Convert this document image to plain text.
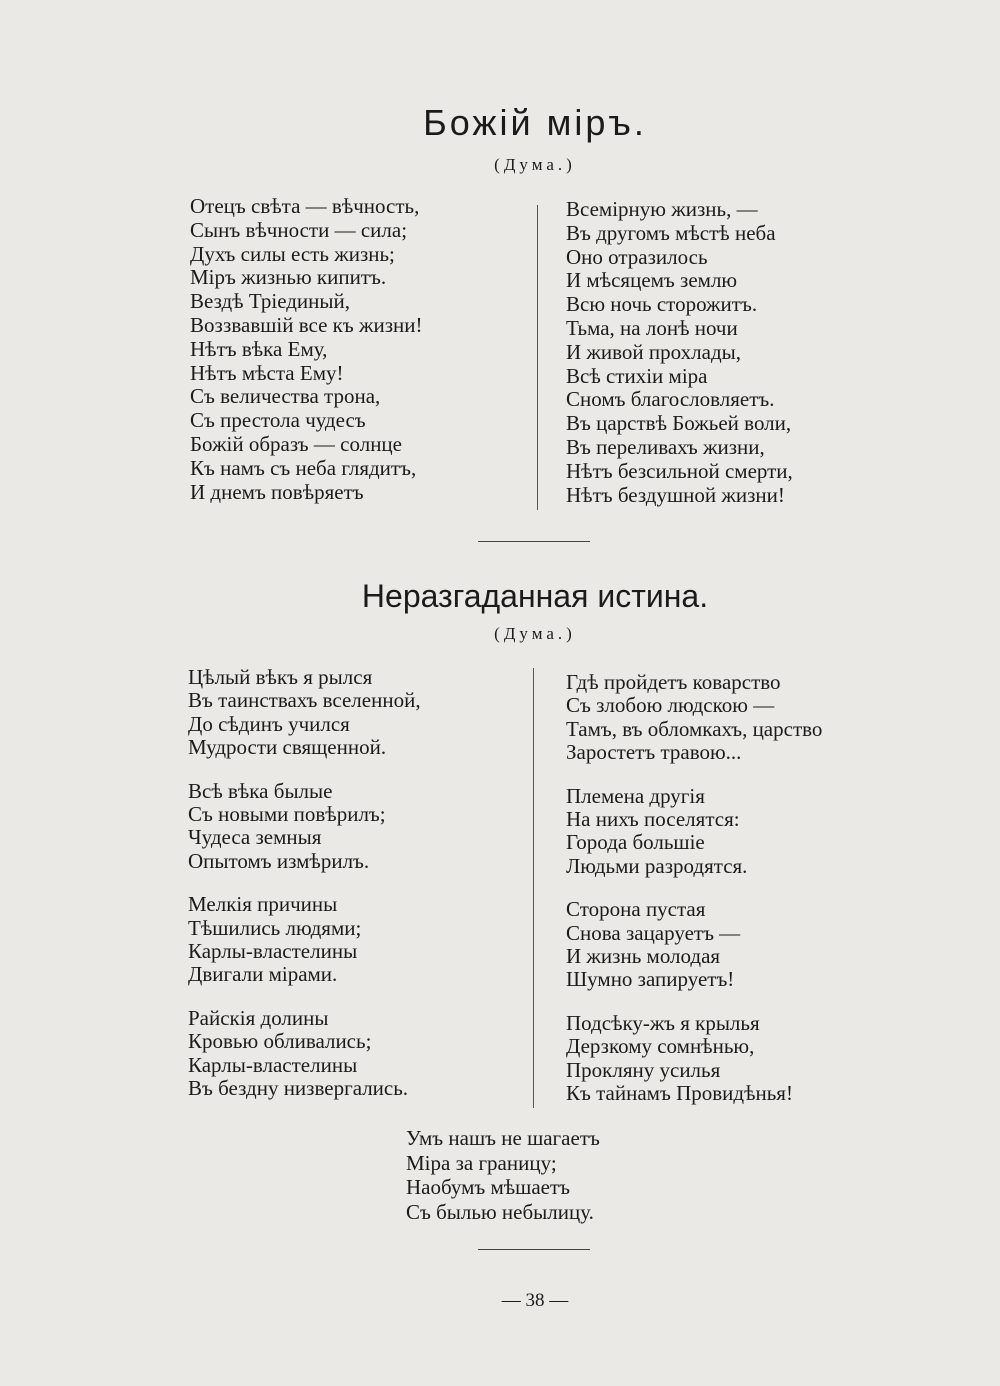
Божій міръ.
(Дума.)
Отецъ свѣта — вѣчность,
Сынъ вѣчности — сила;
Духъ силы есть жизнь;
Міръ жизнью кипитъ.
Вездѣ Тріединый,
Воззвавшій все къ жизни!
Нѣтъ вѣка Ему,
Нѣтъ мѣста Ему!
Съ величества трона,
Съ престола чудесъ
Божій образъ — солнце
Къ намъ съ неба глядитъ,
И днемъ повѣряетъ
Всемірную жизнь, —
Въ другомъ мѣстѣ неба
Оно отразилось
И мѣсяцемъ землю
Всю ночь сторожитъ.
Тьма, на лонѣ ночи
И живой прохлады,
Всѣ стихіи міра
Сномъ благословляетъ.
Въ царствѣ Божьей воли,
Въ переливахъ жизни,
Нѣтъ безсильной смерти,
Нѣтъ бездушной жизни!
Неразгаданная истина.
(Дума.)
Цѣлый вѣкъ я рылся
Въ таинствахъ вселенной,
До сѣдинъ учился
Мудрости священной.
Всѣ вѣка былые
Съ новыми повѣрилъ;
Чудеса земныя
Опытомъ измѣрилъ.
Мелкія причины
Тѣшились людями;
Карлы-властелины
Двигали мірами.
Райскія долины
Кровью обливались;
Карлы-властелины
Въ бездну низвергались.
Гдѣ пройдетъ коварство
Съ злобою людскою —
Тамъ, въ обломкахъ, царство
Заростетъ травою...
Племена другія
На нихъ поселятся:
Города большіе
Людьми разродятся.
Сторона пустая
Снова зацаруетъ —
И жизнь молодая
Шумно запируетъ!
Подсѣку-жъ я крылья
Дерзкому сомнѣнью,
Прокляну усилья
Къ тайнамъ Провидѣнья!
Умъ нашъ не шагаетъ
Міра за границу;
Наобумъ мѣшаетъ
Съ былью небылицу.
— 38 —
